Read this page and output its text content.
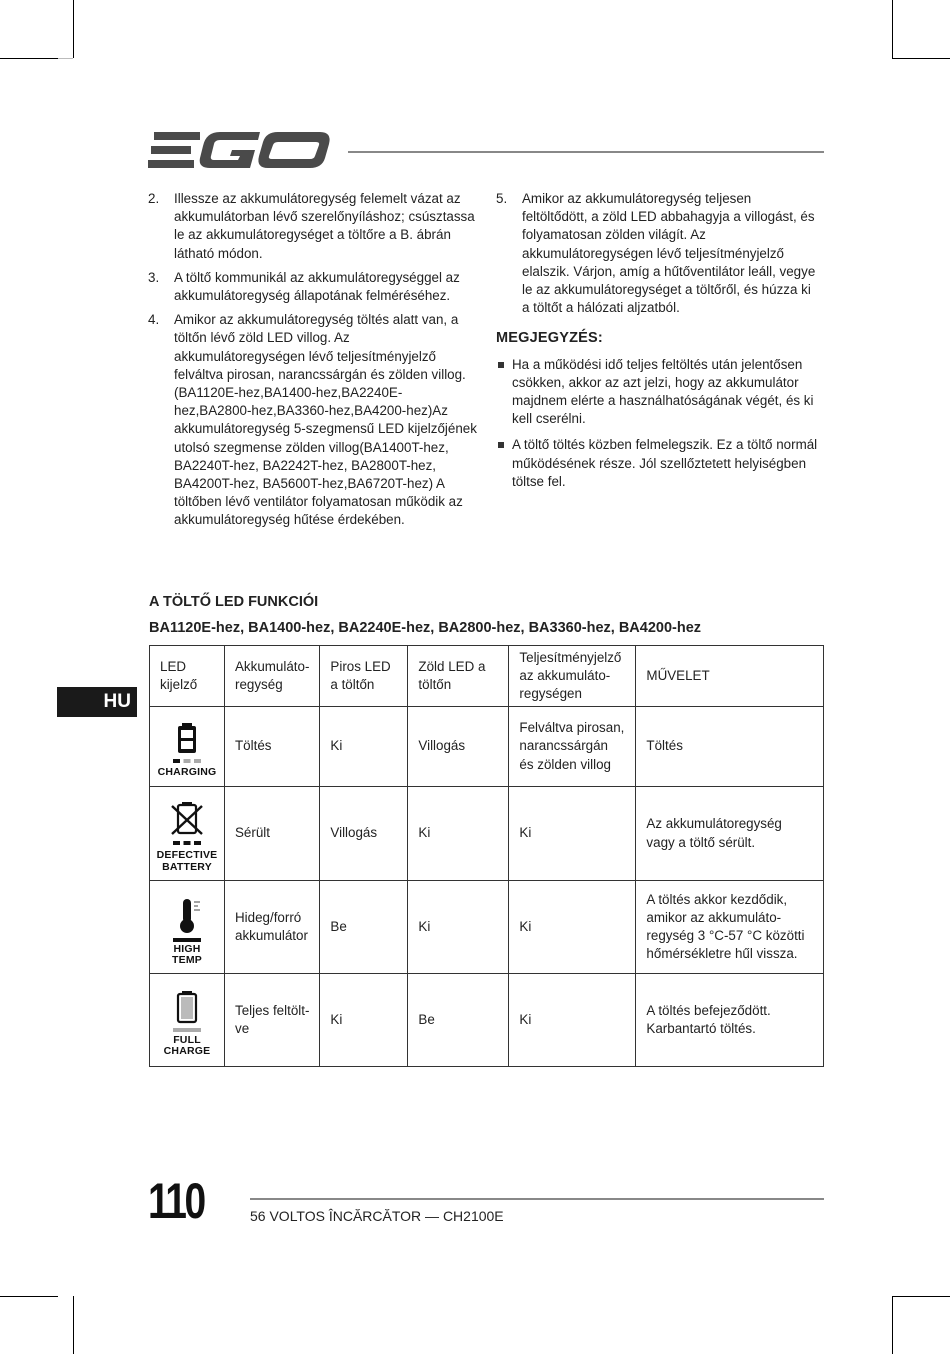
2. Illessze az akkumulátoregység felemelt vázat az akkumulátorban lévő szerelőnyíláshoz; csúsztassa le az akkumulátoregységet a töltőre a B. ábrán látható módon.
3. A töltő kommunikál az akkumulátoregységgel az akkumulátoregység állapotának felméréséhez.
4. Amikor az akkumulátoregység töltés alatt van, a töltőn lévő zöld LED villog. Az akkumulátoregységen lévő teljesítményjelző felváltva pirosan, narancssárgán és zölden villog. (BA1120E-hez,BA1400-hez,BA2240E-hez,BA2800-hez,BA3360-hez,BA4200-hez)Az akkumulátoregység 5-szegmensű LED kijelzőjének utolsó szegmense zölden villog(BA1400T-hez, BA2240T-hez, BA2242T-hez, BA2800T-hez, BA4200T-hez, BA5600T-hez,BA6720T-hez) A töltőben lévő ventilátor folyamatosan működik az akkumulátoregység hűtése érdekében.
5. Amikor az akkumulátoregység teljesen feltöltődött, a zöld LED abbahagyja a villogást, és folyamatosan zölden világít. Az akkumulátoregységen lévő teljesítményjelző elalszik. Várjon, amíg a hűtőventilátor leáll, vegye le az akkumulátoregységet a töltőről, és húzza ki a töltőt a hálózati aljzatból.
MEGJEGYZÉS:
Ha a működési idő teljes feltöltés után jelentősen csökken, akkor az azt jelzi, hogy az akkumulátor majdnem elérte a használhatóságának végét, és ki kell cserélni.
A töltő töltés közben felmelegszik. Ez a töltő normál működésének része. Jól szellőztetett helyiségben töltse fel.
A TÖLTŐ LED FUNKCIÓI
BA1120E-hez, BA1400-hez, BA2240E-hez, BA2800-hez, BA3360-hez, BA4200-hez
LED kijelző	Akkumuláto-regység	Piros LED a töltőn	Zöld LED a töltőn	Teljesítményjelző az akkumuláto-regységen	MŰVELET

CHARGING	Töltés	Ki	Villogás	Felváltva pirosan, narancssárgán és zölden villog	Töltés

DEFECTIVE BATTERY	Sérült	Villogás	Ki	Ki	Az akkumulátoregység vagy a töltő sérült.

HIGH TEMP	Hideg/forró akkumulátor	Be	Ki	Ki	A töltés akkor kezdődik, amikor az akkumuláto-regység 3 °C-57 °C közötti hőmérsékletre hűl vissza.

FULL CHARGE	Teljes feltölt-ve	Ki	Be	Ki	A töltés befejeződött. Karbantartó töltés.
HU
110	56 VOLTOS ÎNCĂRCĂTOR — CH2100E
